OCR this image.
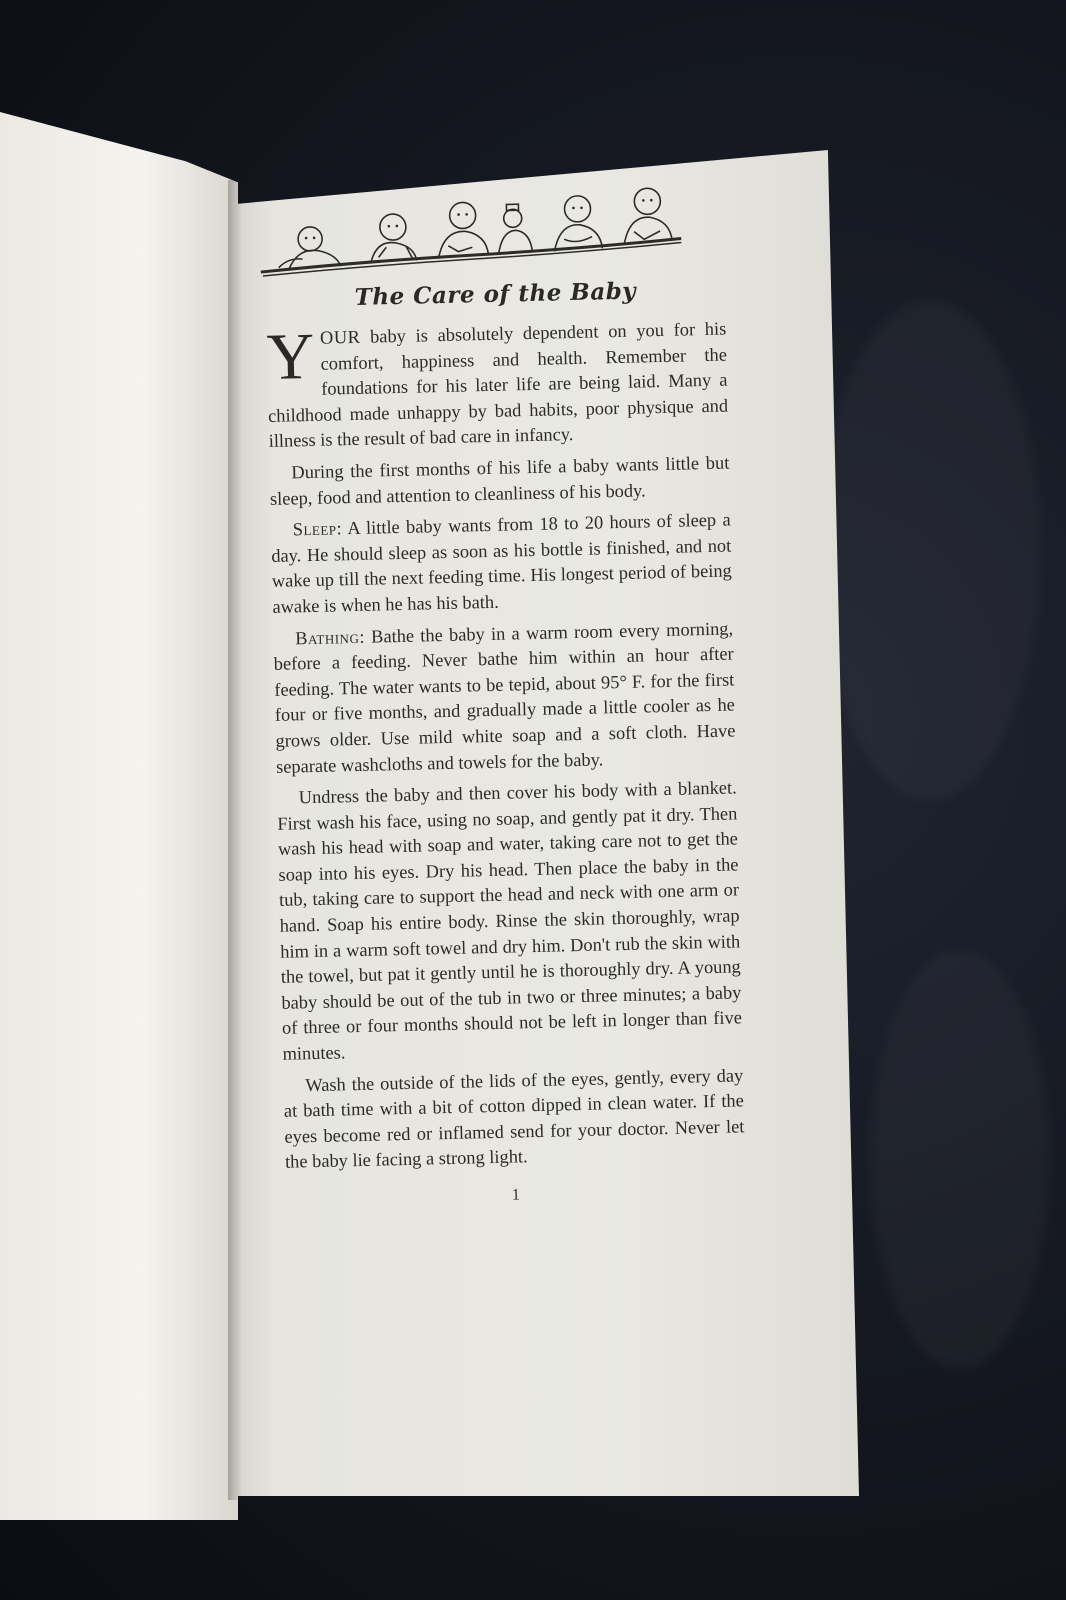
The Care of the Baby

YOUR baby is absolutely dependent on you for his comfort, happiness and health. Remember the foundations for his later life are being laid. Many a childhood made unhappy by bad habits, poor physique and illness is the result of bad care in infancy.

During the first months of his life a baby wants little but sleep, food and attention to cleanliness of his body.

Sleep: A little baby wants from 18 to 20 hours of sleep a day. He should sleep as soon as his bottle is finished, and not wake up till the next feeding time. His longest period of being awake is when he has his bath.

Bathing: Bathe the baby in a warm room every morning, before a feeding. Never bathe him within an hour after feeding. The water wants to be tepid, about 95° F. for the first four or five months, and gradually made a little cooler as he grows older. Use mild white soap and a soft cloth. Have separate washcloths and towels for the baby.

Undress the baby and then cover his body with a blanket. First wash his face, using no soap, and gently pat it dry. Then wash his head with soap and water, taking care not to get the soap into his eyes. Dry his head. Then place the baby in the tub, taking care to support the head and neck with one arm or hand. Soap his entire body. Rinse the skin thoroughly, wrap him in a warm soft towel and dry him. Don't rub the skin with the towel, but pat it gently until he is thoroughly dry. A young baby should be out of the tub in two or three minutes; a baby of three or four months should not be left in longer than five minutes.

Wash the outside of the lids of the eyes, gently, every day at bath time with a bit of cotton dipped in clean water. If the eyes become red or inflamed send for your doctor. Never let the baby lie facing a strong light.

1
